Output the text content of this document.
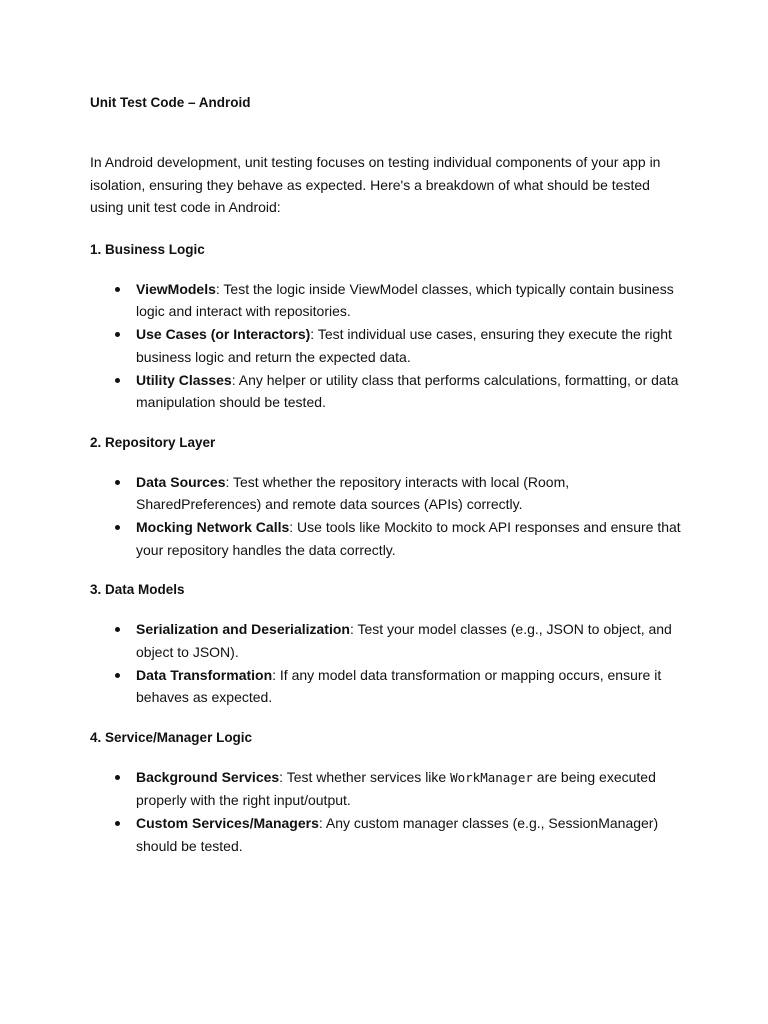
Unit Test Code – Android

In Android development, unit testing focuses on testing individual components of your app in isolation, ensuring they behave as expected. Here's a breakdown of what should be tested using unit test code in Android:

1. Business Logic

ViewModels: Test the logic inside ViewModel classes, which typically contain business logic and interact with repositories.
Use Cases (or Interactors): Test individual use cases, ensuring they execute the right business logic and return the expected data.
Utility Classes: Any helper or utility class that performs calculations, formatting, or data manipulation should be tested.

2. Repository Layer

Data Sources: Test whether the repository interacts with local (Room, SharedPreferences) and remote data sources (APIs) correctly.
Mocking Network Calls: Use tools like Mockito to mock API responses and ensure that your repository handles the data correctly.

3. Data Models

Serialization and Deserialization: Test your model classes (e.g., JSON to object, and object to JSON).
Data Transformation: If any model data transformation or mapping occurs, ensure it behaves as expected.

4. Service/Manager Logic

Background Services: Test whether services like WorkManager are being executed properly with the right input/output.
Custom Services/Managers: Any custom manager classes (e.g., SessionManager) should be tested.
